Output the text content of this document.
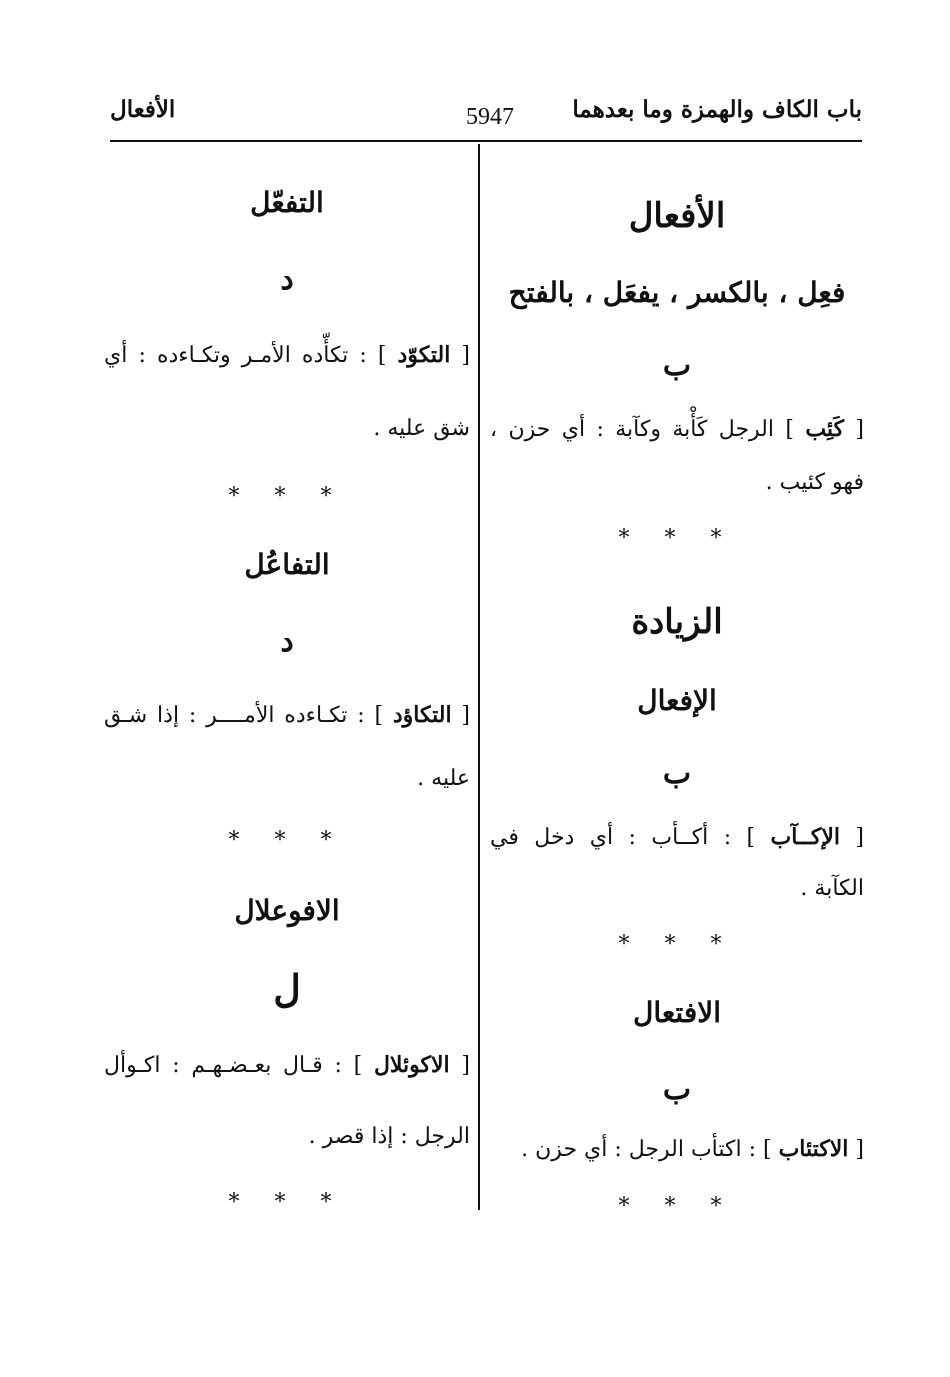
باب الكاف والهمزة وما بعدهما
5947
الأفعال
الأفعال
فعِل ، بالكسر ، يفعَل ، بالفتح
ب
[ كَئِب ] الرجل كَأْبة وكآبة : أي حزن ،
فهو كئيب .
* * *
الزيادة
الإفعال
ب
[ الإكــآب ] : أكــأب : أي دخل في
الكآبة .
* * *
الافتعال
ب
[ الاكتئاب ] : اكتأب الرجل : أي حزن .
* * *
التفعّل
د
[ التكوّد ] : تكأّده الأمـر وتكـاءده : أي
شق عليه .
* * *
التفاعُل
د
[ التكاؤد ] : تكـاءده الأمــــر : إذا شـق
عليه .
* * *
الافوعلال
ل
[ الاكوئلال ] : قـال بعـضـهـم : اكـوأل
الرجل : إذا قصر .
* * *
